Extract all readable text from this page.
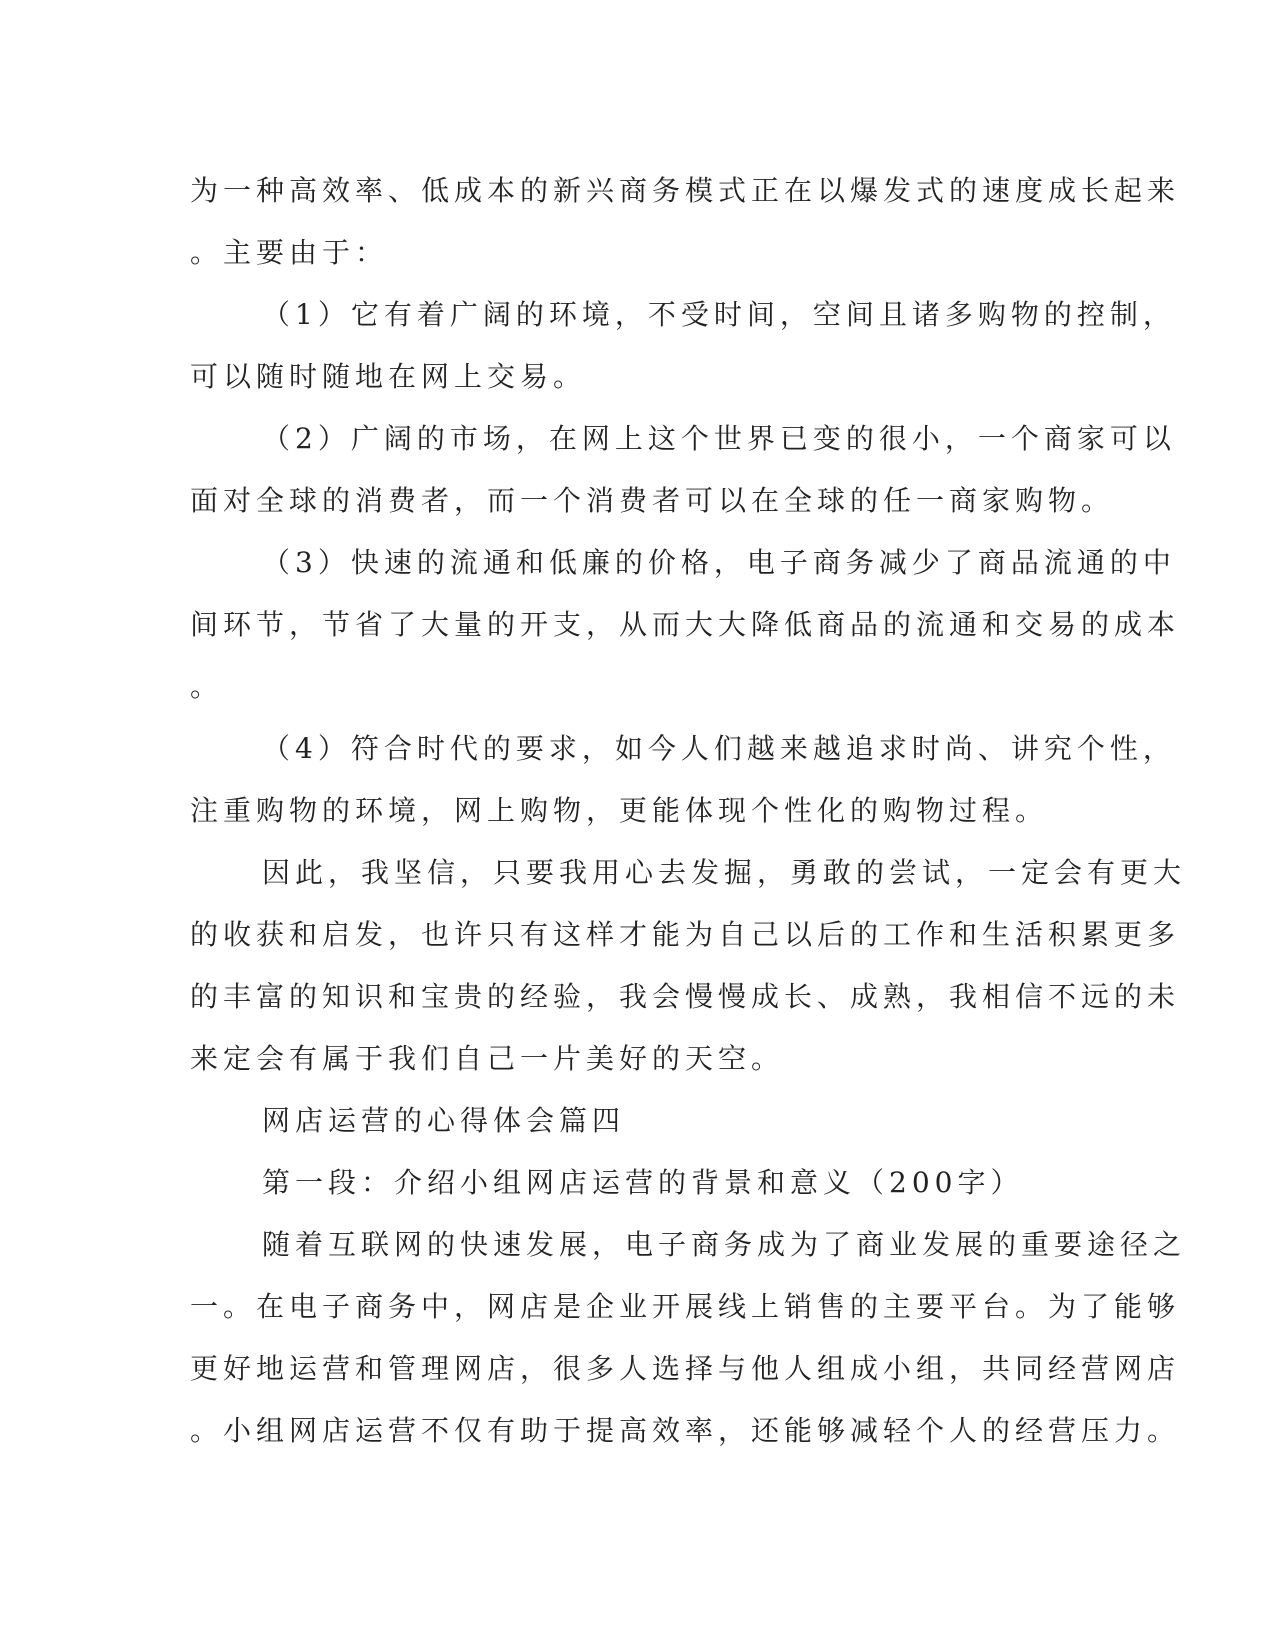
为一种高效率、低成本的新兴商务模式正在以爆发式的速度成长起来
。主要由于：
（1）它有着广阔的环境，不受时间，空间且诸多购物的控制，
可以随时随地在网上交易。
（2）广阔的市场，在网上这个世界已变的很小，一个商家可以
面对全球的消费者，而一个消费者可以在全球的任一商家购物。
（3）快速的流通和低廉的价格，电子商务减少了商品流通的中
间环节，节省了大量的开支，从而大大降低商品的流通和交易的成本
。
（4）符合时代的要求，如今人们越来越追求时尚、讲究个性，
注重购物的环境，网上购物，更能体现个性化的购物过程。
因此，我坚信，只要我用心去发掘，勇敢的尝试，一定会有更大
的收获和启发，也许只有这样才能为自己以后的工作和生活积累更多
的丰富的知识和宝贵的经验，我会慢慢成长、成熟，我相信不远的未
来定会有属于我们自己一片美好的天空。
网店运营的心得体会篇四
第一段：介绍小组网店运营的背景和意义（200字）
随着互联网的快速发展，电子商务成为了商业发展的重要途径之
一。在电子商务中，网店是企业开展线上销售的主要平台。为了能够
更好地运营和管理网店，很多人选择与他人组成小组，共同经营网店
。小组网店运营不仅有助于提高效率，还能够减轻个人的经营压力。
